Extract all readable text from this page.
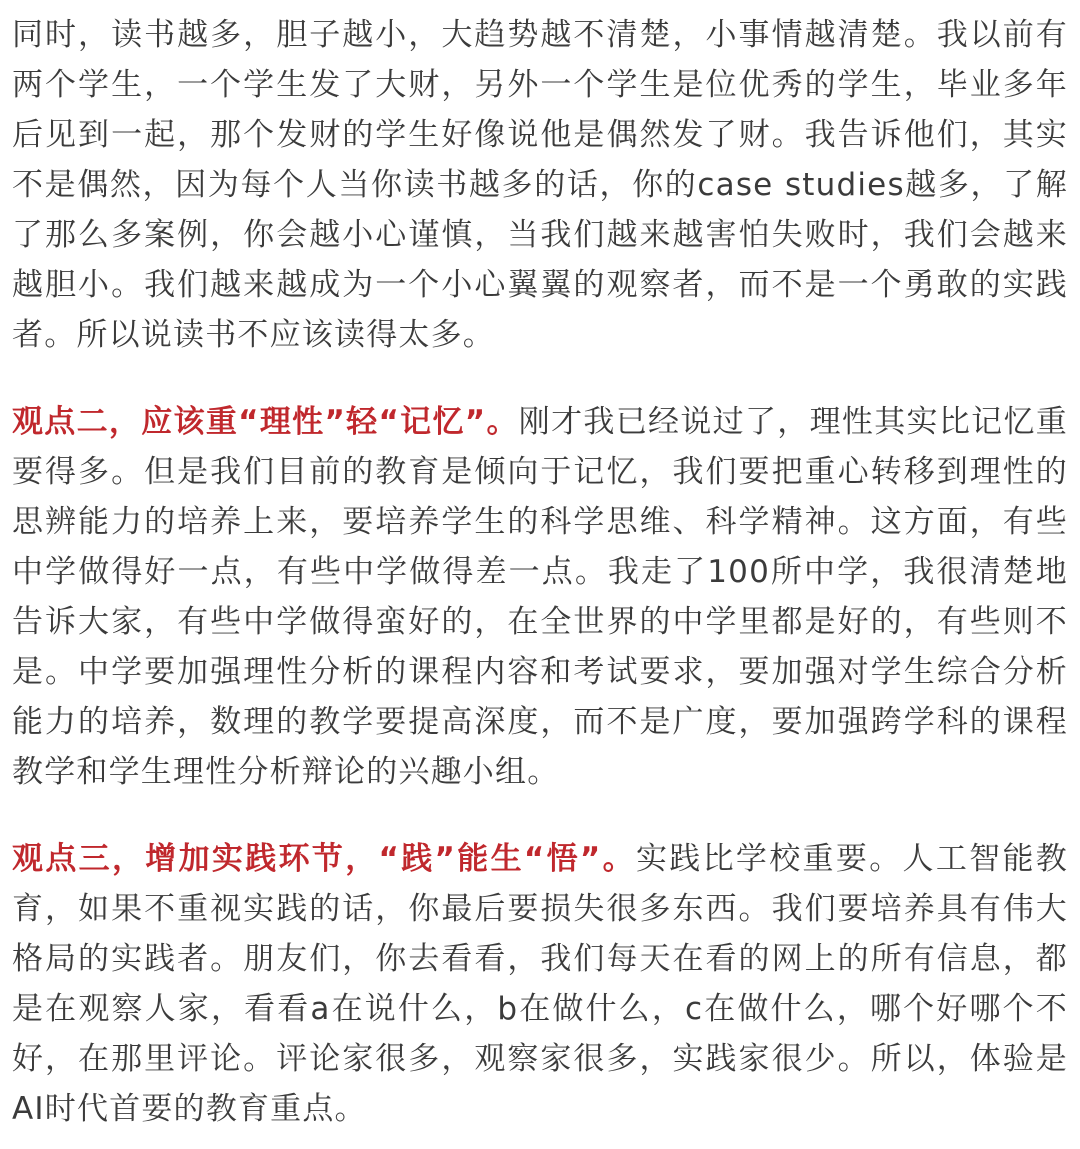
同时，读书越多，胆子越小，大趋势越不清楚，小事情越清楚。我以前有两个学生，一个学生发了大财，另外一个学生是位优秀的学生，毕业多年后见到一起，那个发财的学生好像说他是偶然发了财。我告诉他们，其实不是偶然，因为每个人当你读书越多的话，你的case studies越多，了解了那么多案例，你会越小心谨慎，当我们越来越害怕失败时，我们会越来越胆小。我们越来越成为一个小心翼翼的观察者，而不是一个勇敢的实践者。所以说读书不应该读得太多。

观点二，应该重“理性”轻“记忆”。刚才我已经说过了，理性其实比记忆重要得多。但是我们目前的教育是倾向于记忆，我们要把重心转移到理性的思辨能力的培养上来，要培养学生的科学思维、科学精神。这方面，有些中学做得好一点，有些中学做得差一点。我走了100所中学，我很清楚地告诉大家，有些中学做得蛮好的，在全世界的中学里都是好的，有些则不是。中学要加强理性分析的课程内容和考试要求，要加强对学生综合分析能力的培养，数理的教学要提高深度，而不是广度，要加强跨学科的课程教学和学生理性分析辩论的兴趣小组。

观点三，增加实践环节，“践”能生“悟”。实践比学校重要。人工智能教育，如果不重视实践的话，你最后要损失很多东西。我们要培养具有伟大格局的实践者。朋友们，你去看看，我们每天在看的网上的所有信息，都是在观察人家，看看a在说什么，b在做什么，c在做什么，哪个好哪个不好，在那里评论。评论家很多，观察家很多，实践家很少。所以，体验是AI时代首要的教育重点。
